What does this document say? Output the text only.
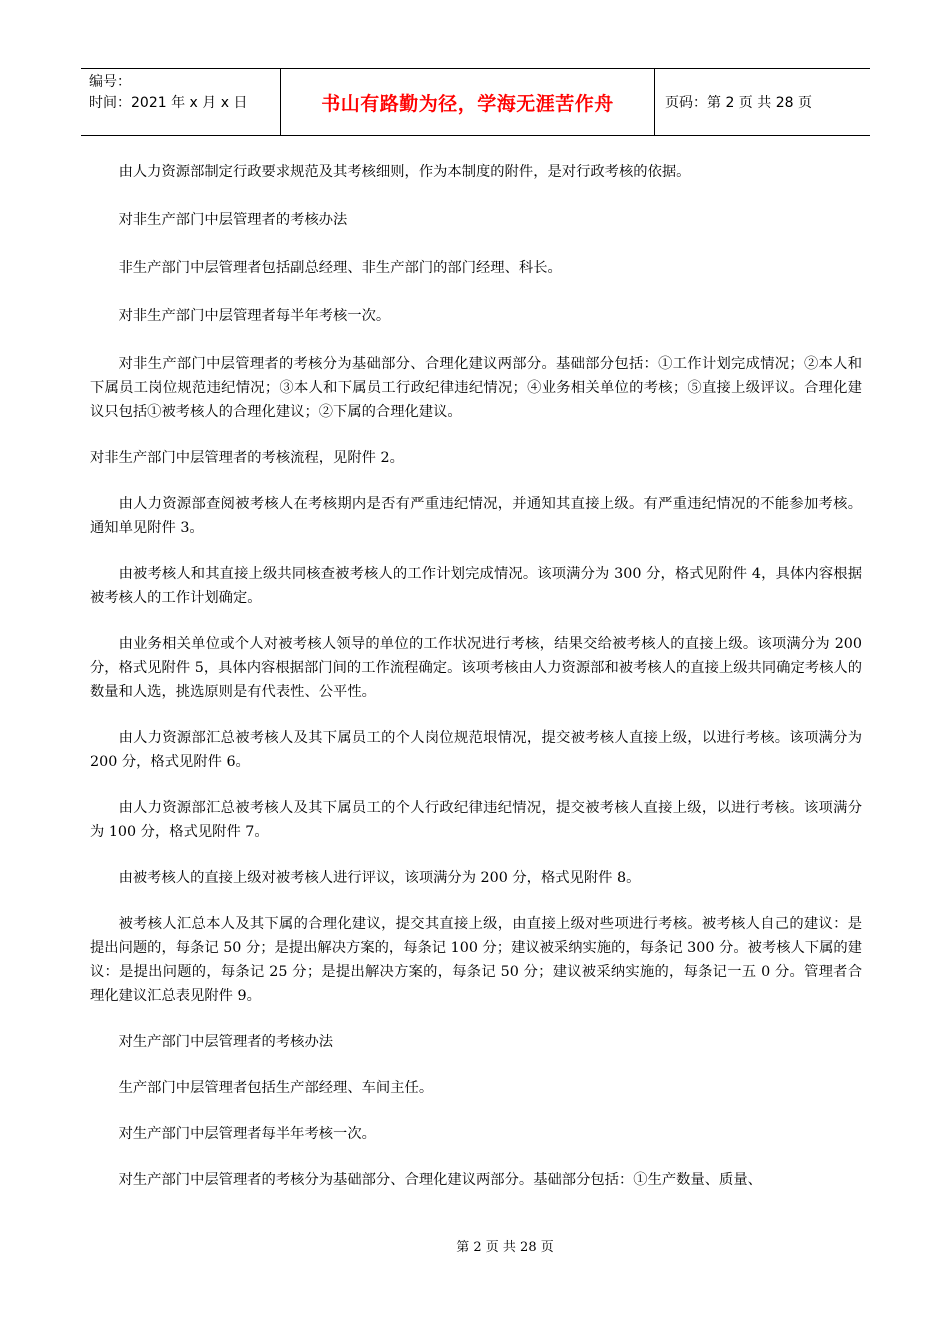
编号：
时间：2021 年 x 月 x 日	书山有路勤为径，学海无涯苦作舟	页码：第 2 页 共 28 页

由人力资源部制定行政要求规范及其考核细则，作为本制度的附件，是对行政考核的依据。

对非生产部门中层管理者的考核办法

非生产部门中层管理者包括副总经理、非生产部门的部门经理、科长。

对非生产部门中层管理者每半年考核一次。

对非生产部门中层管理者的考核分为基础部分、合理化建议两部分。基础部分包括：①工作计划完成情况；②本人和下属员工岗位规范违纪情况；③本人和下属员工行政纪律违纪情况；④业务相关单位的考核；⑤直接上级评议。合理化建议只包括①被考核人的合理化建议；②下属的合理化建议。

对非生产部门中层管理者的考核流程，见附件 2。

由人力资源部查阅被考核人在考核期内是否有严重违纪情况，并通知其直接上级。有严重违纪情况的不能参加考核。通知单见附件 3。

由被考核人和其直接上级共同核查被考核人的工作计划完成情况。该项满分为 300 分，格式见附件 4，具体内容根据被考核人的工作计划确定。

由业务相关单位或个人对被考核人领导的单位的工作状况进行考核，结果交给被考核人的直接上级。该项满分为 200 分，格式见附件 5，具体内容根据部门间的工作流程确定。该项考核由人力资源部和被考核人的直接上级共同确定考核人的数量和人选，挑选原则是有代表性、公平性。

由人力资源部汇总被考核人及其下属员工的个人岗位规范垠情况，提交被考核人直接上级，以进行考核。该项满分为 200 分，格式见附件 6。

由人力资源部汇总被考核人及其下属员工的个人行政纪律违纪情况，提交被考核人直接上级，以进行考核。该项满分为 100 分，格式见附件 7。

由被考核人的直接上级对被考核人进行评议，该项满分为 200 分，格式见附件 8。

被考核人汇总本人及其下属的合理化建议，提交其直接上级，由直接上级对些项进行考核。被考核人自己的建议：是提出问题的，每条记 50 分；是提出解决方案的，每条记 100 分；建议被采纳实施的，每条记 300 分。被考核人下属的建议：是提出问题的，每条记 25 分；是提出解决方案的，每条记 50 分；建议被采纳实施的，每条记一五 0 分。管理者合理化建议汇总表见附件 9。

对生产部门中层管理者的考核办法

生产部门中层管理者包括生产部经理、车间主任。

对生产部门中层管理者每半年考核一次。

对生产部门中层管理者的考核分为基础部分、合理化建议两部分。基础部分包括：①生产数量、质量、

第 2 页 共 28 页
